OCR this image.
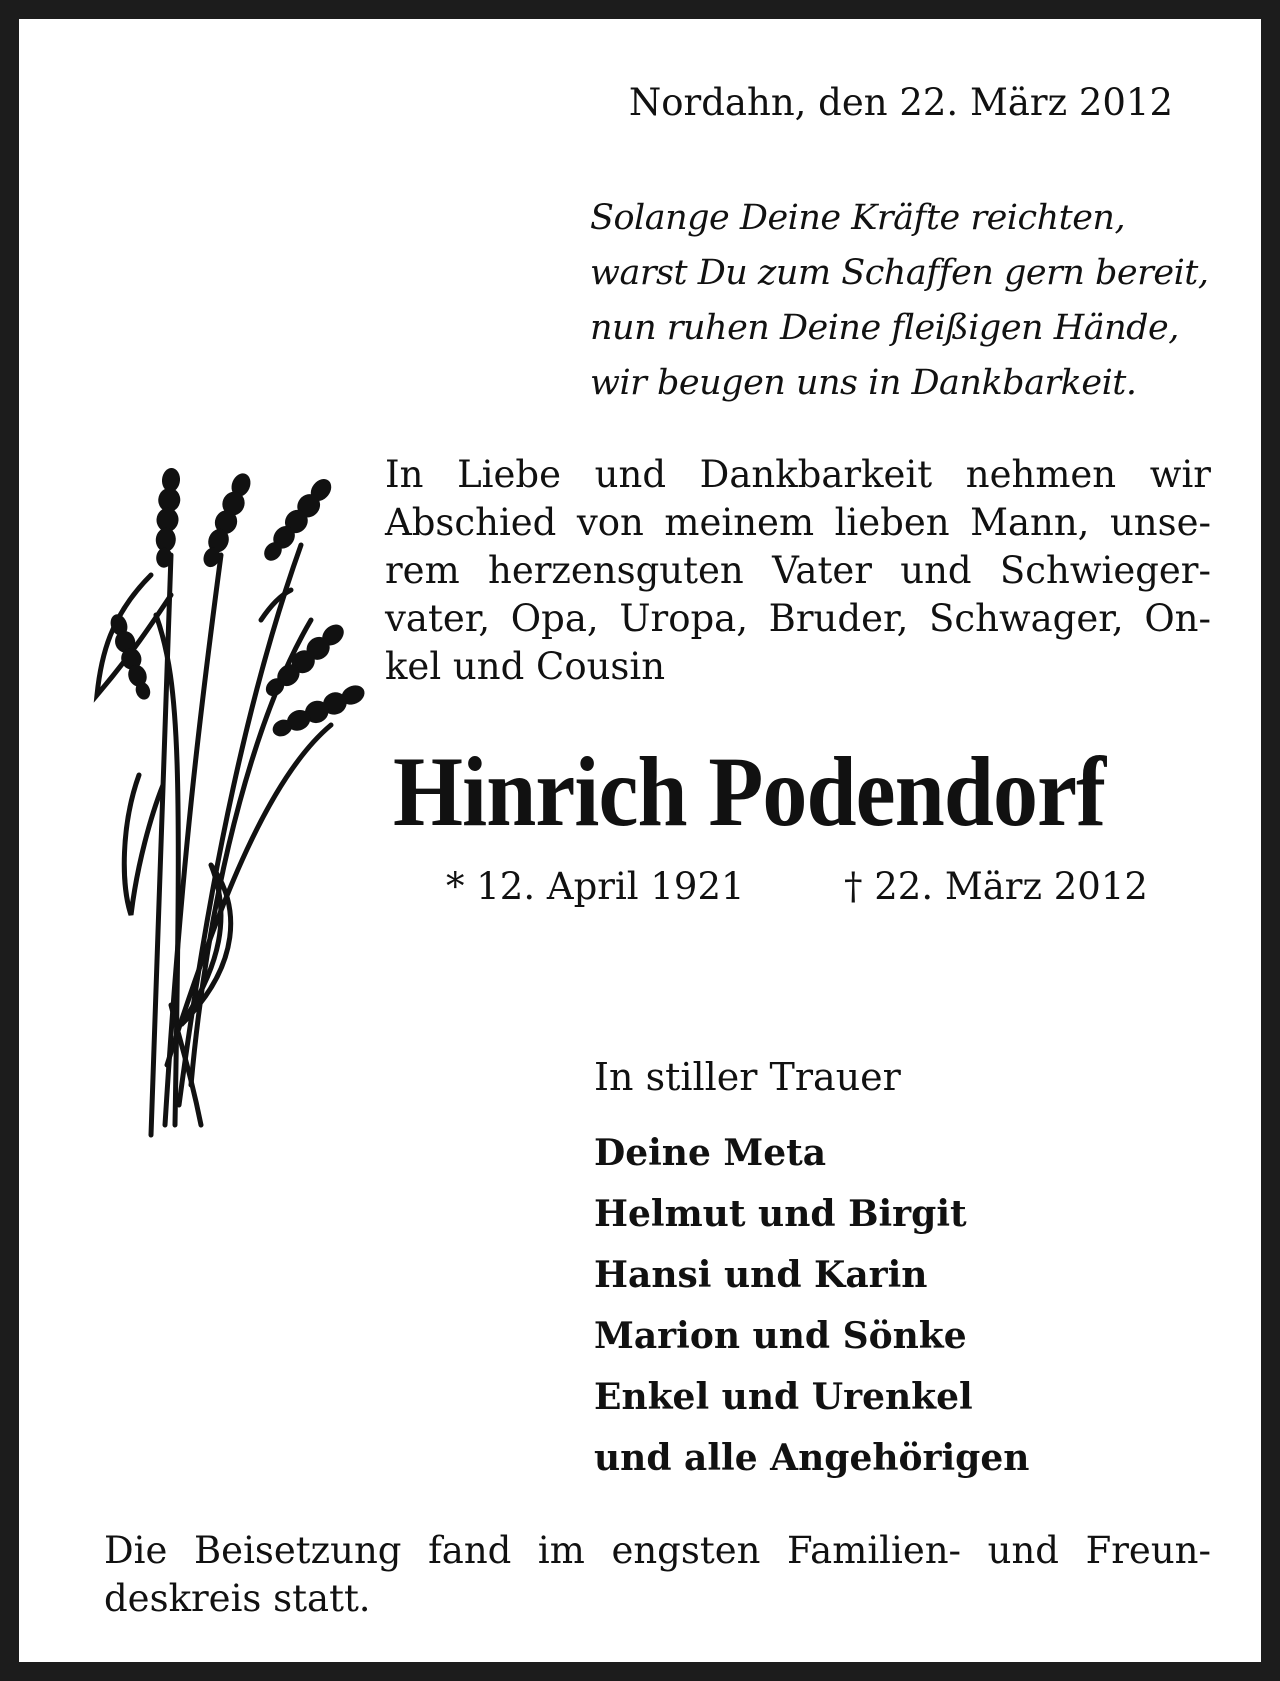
Nordahn, den 22. März 2012
Solange Deine Kräfte reichten,
warst Du zum Schaffen gern bereit,
nun ruhen Deine fleißigen Hände,
wir beugen uns in Dankbarkeit.
In Liebe und Dankbarkeit nehmen wir
Abschied von meinem lieben Mann, unse-
rem herzensguten Vater und Schwieger-
vater, Opa, Uropa, Bruder, Schwager, On-
kel und Cousin
Hinrich Podendorf
* 12. April 1921	† 22. März 2012
In stiller Trauer
Deine Meta
Helmut und Birgit
Hansi und Karin
Marion und Sönke
Enkel und Urenkel
und alle Angehörigen
Die Beisetzung fand im engsten Familien- und Freun-
deskreis statt.
